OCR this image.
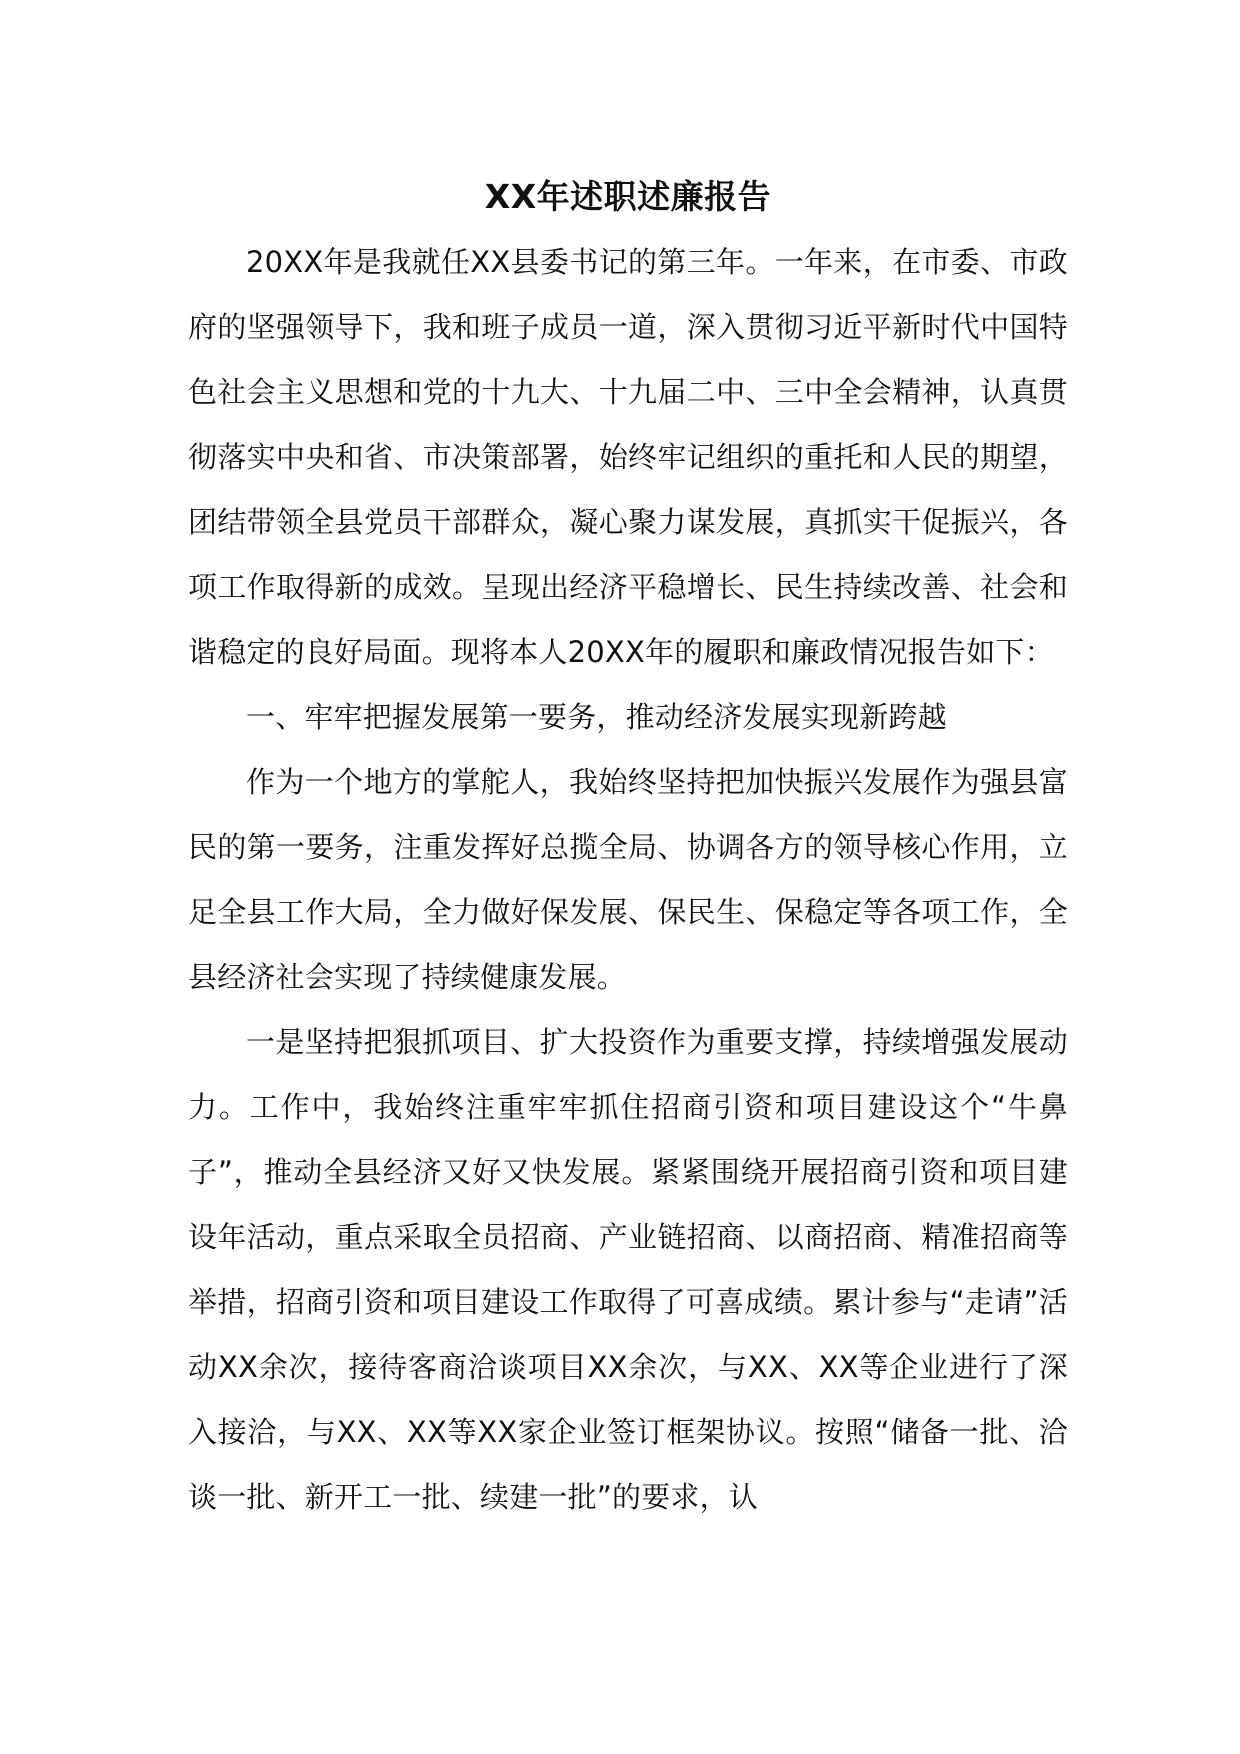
XX年述职述廉报告

20XX年是我就任XX县委书记的第三年。一年来，在市委、市政府的坚强领导下，我和班子成员一道，深入贯彻习近平新时代中国特色社会主义思想和党的十九大、十九届二中、三中全会精神，认真贯彻落实中央和省、市决策部署，始终牢记组织的重托和人民的期望，团结带领全县党员干部群众，凝心聚力谋发展，真抓实干促振兴，各项工作取得新的成效。呈现出经济平稳增长、民生持续改善、社会和谐稳定的良好局面。现将本人20XX年的履职和廉政情况报告如下：

一、牢牢把握发展第一要务，推动经济发展实现新跨越

作为一个地方的掌舵人，我始终坚持把加快振兴发展作为强县富民的第一要务，注重发挥好总揽全局、协调各方的领导核心作用，立足全县工作大局，全力做好保发展、保民生、保稳定等各项工作，全县经济社会实现了持续健康发展。

一是坚持把狠抓项目、扩大投资作为重要支撑，持续增强发展动力。工作中，我始终注重牢牢抓住招商引资和项目建设这个“牛鼻子”，推动全县经济又好又快发展。紧紧围绕开展招商引资和项目建设年活动，重点采取全员招商、产业链招商、以商招商、精准招商等举措，招商引资和项目建设工作取得了可喜成绩。累计参与“走请”活动XX余次，接待客商洽谈项目XX余次，与XX、XX等企业进行了深入接洽，与XX、XX等XX家企业签订框架协议。按照“储备一批、洽谈一批、新开工一批、续建一批”的要求，认
